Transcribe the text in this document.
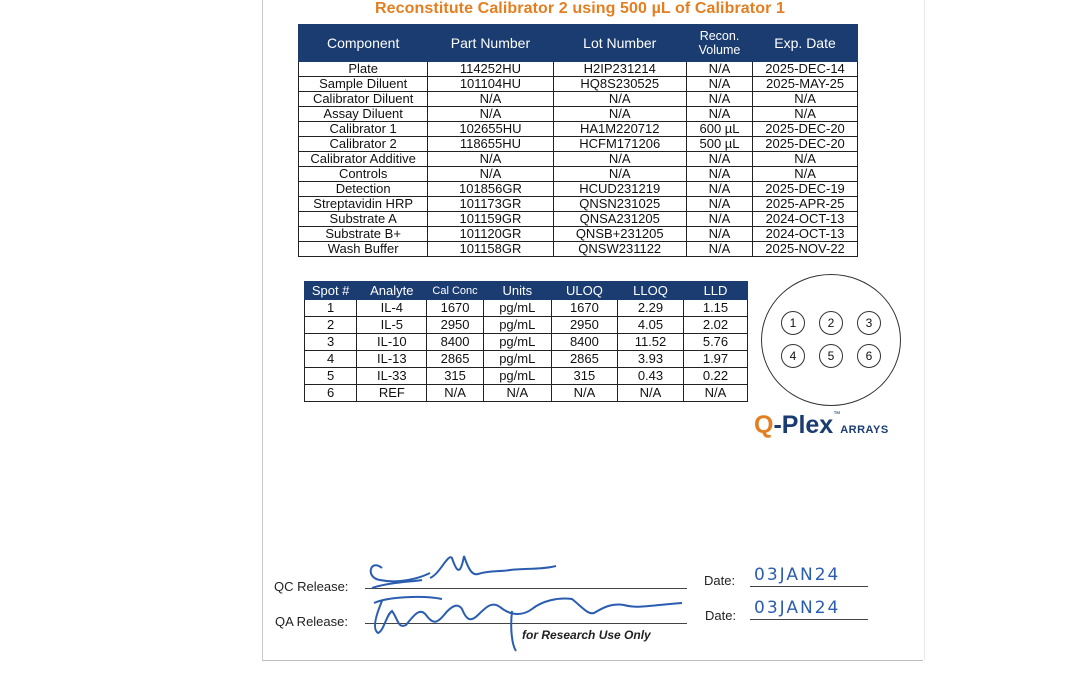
Reconstitute Calibrator 2 using 500 µL of Calibrator 1
Component	Part Number	Lot Number	Recon. Volume	Exp. Date
Plate	114252HU	H2IP231214	N/A	2025-DEC-14
Sample Diluent	101104HU	HQ8S230525	N/A	2025-MAY-25
Calibrator Diluent	N/A	N/A	N/A	N/A
Assay Diluent	N/A	N/A	N/A	N/A
Calibrator 1	102655HU	HA1M220712	600 µL	2025-DEC-20
Calibrator 2	118655HU	HCFM171206	500 µL	2025-DEC-20
Calibrator Additive	N/A	N/A	N/A	N/A
Controls	N/A	N/A	N/A	N/A
Detection	101856GR	HCUD231219	N/A	2025-DEC-19
Streptavidin HRP	101173GR	QNSN231025	N/A	2025-APR-25
Substrate A	101159GR	QNSA231205	N/A	2024-OCT-13
Substrate B+	101120GR	QNSB+231205	N/A	2024-OCT-13
Wash Buffer	101158GR	QNSW231122	N/A	2025-NOV-22
Spot #	Analyte	Cal Conc	Units	ULOQ	LLOQ	LLD
1	IL-4	1670	pg/mL	1670	2.29	1.15
2	IL-5	2950	pg/mL	2950	4.05	2.02
3	IL-10	8400	pg/mL	8400	11.52	5.76
4	IL-13	2865	pg/mL	2865	3.93	1.97
5	IL-33	315	pg/mL	315	0.43	0.22
6	REF	N/A	N/A	N/A	N/A	N/A
1	2	3
4	5	6
Q-Plex™ARRAYS
QC Release:	Date: 03JAN24
QA Release:	Date: 03JAN24
for Research Use Only
